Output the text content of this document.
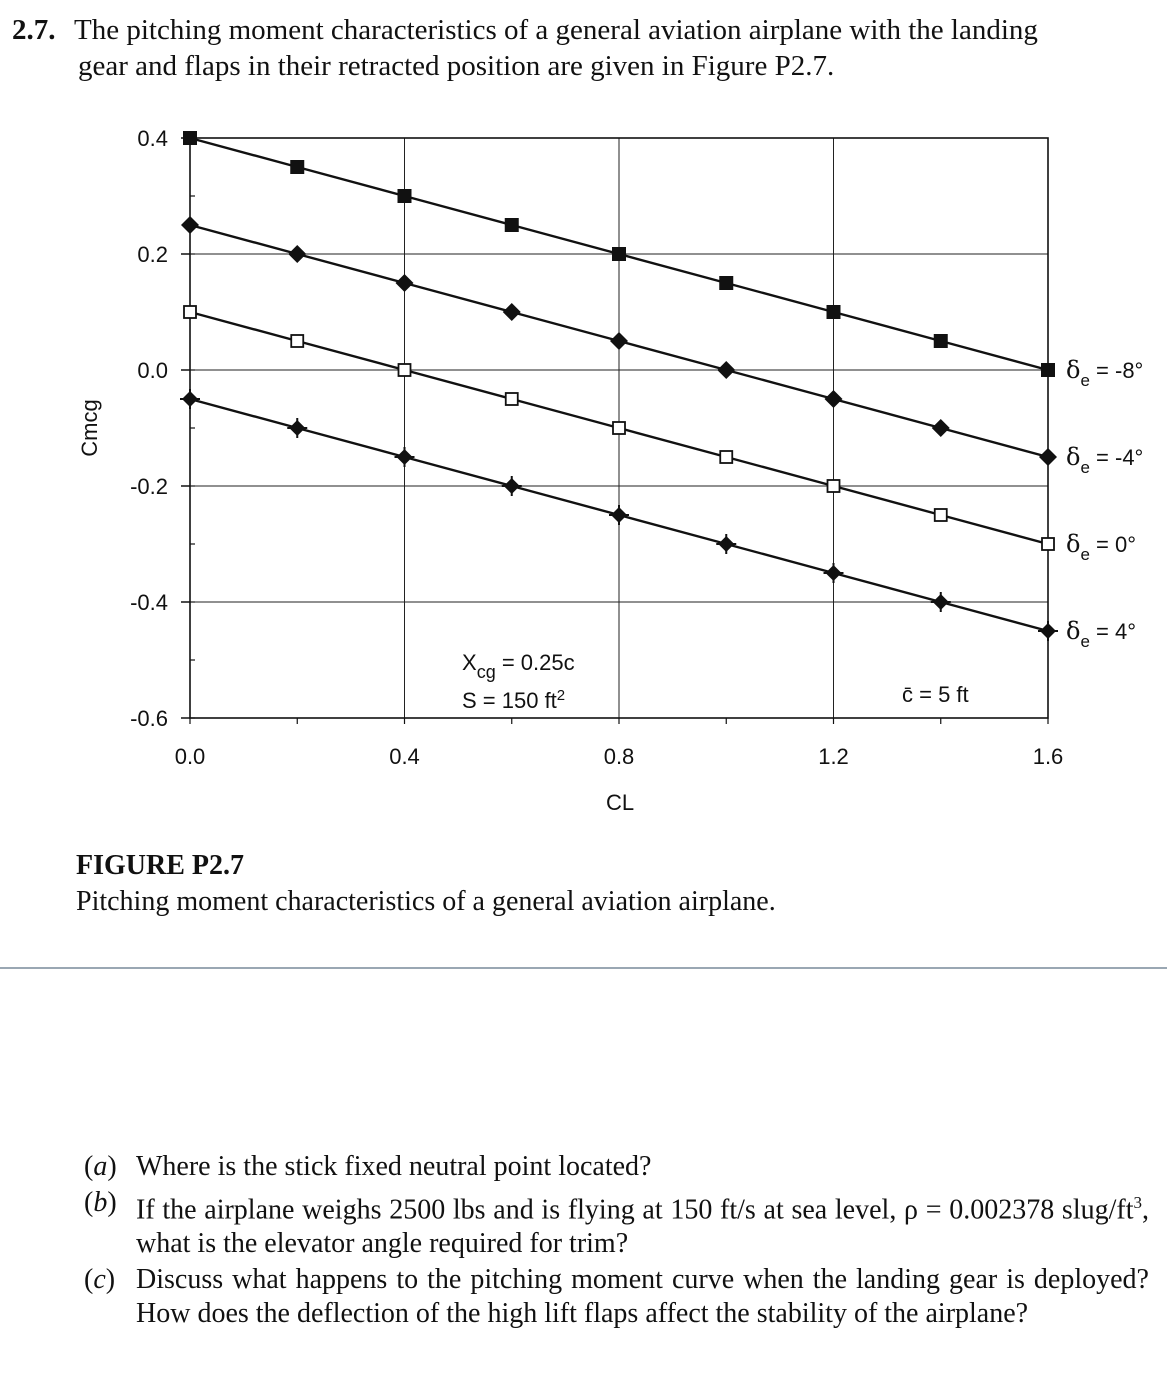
2.7. The pitching moment characteristics of a general aviation airplane with the landing
gear and flaps in their retracted position are given in Figure P2.7.
0.0	0.4	0.8	1.2	1.6
0.4
0.2
0.0
-0.2
-0.4
-0.6
$\delta_e = -8^\circ$
$\delta_e = -4^\circ$
$\delta_e = 0^\circ$
$\delta_e = 4^\circ$
CL
Cmcg
$X_{cg} = 0.25c$
S = 150 $ft^2$	c̄ = 5 ft
FIGURE P2.7
Pitching moment characteristics of a general aviation airplane.
(a) Where is the stick fixed neutral point located?
(b) If the airplane weighs 2500 lbs and is flying at 150 ft/s at sea level, ρ = 0.002378 slug/$ft^3$, what is the elevator angle required for trim?
(c) Discuss what happens to the pitching moment curve when the landing gear is deployed? How does the deflection of the high lift flaps affect the stability of the airplane?
